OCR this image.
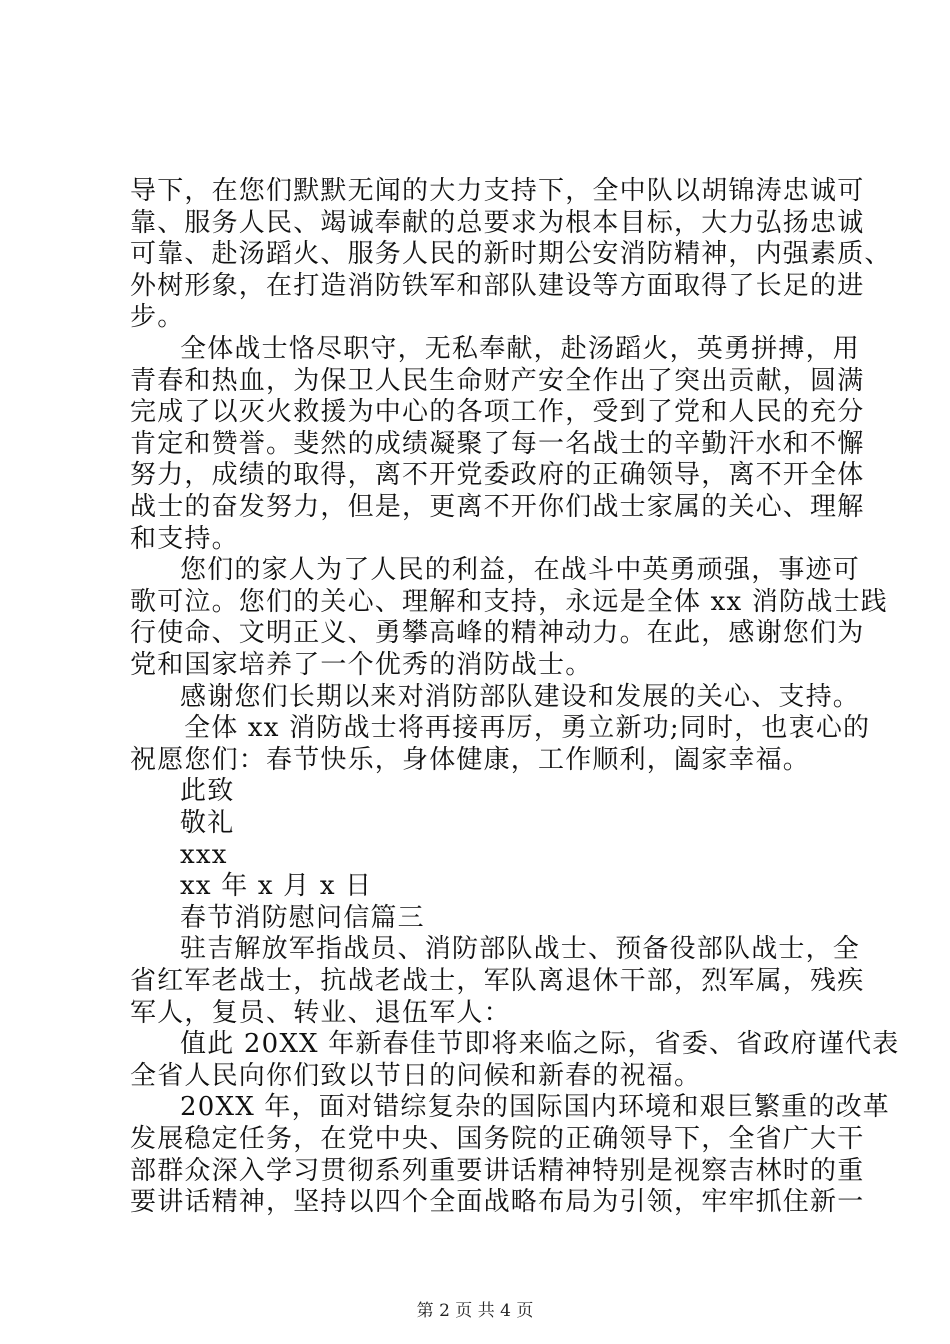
导下，在您们默默无闻的大力支持下，全中队以胡锦涛忠诚可
靠、服务人民、竭诚奉献的总要求为根本目标，大力弘扬忠诚
可靠、赴汤蹈火、服务人民的新时期公安消防精神，内强素质、
外树形象，在打造消防铁军和部队建设等方面取得了长足的进
步。
全体战士恪尽职守，无私奉献，赴汤蹈火，英勇拼搏，用
青春和热血，为保卫人民生命财产安全作出了突出贡献，圆满
完成了以灭火救援为中心的各项工作，受到了党和人民的充分
肯定和赞誉。斐然的成绩凝聚了每一名战士的辛勤汗水和不懈
努力，成绩的取得，离不开党委政府的正确领导，离不开全体
战士的奋发努力，但是，更离不开你们战士家属的关心、理解
和支持。
您们的家人为了人民的利益，在战斗中英勇顽强，事迹可
歌可泣。您们的关心、理解和支持，永远是全体 xx 消防战士践
行使命、文明正义、勇攀高峰的精神动力。在此，感谢您们为
党和国家培养了一个优秀的消防战士。
感谢您们长期以来对消防部队建设和发展的关心、支持。
全体 xx 消防战士将再接再厉，勇立新功;同时，也衷心的
祝愿您们：春节快乐，身体健康，工作顺利，阖家幸福。
此致
敬礼
xxx
xx 年 x 月 x 日
春节消防慰问信篇三
驻吉解放军指战员、消防部队战士、预备役部队战士，全
省红军老战士，抗战老战士，军队离退休干部，烈军属，残疾
军人，复员、转业、退伍军人：
值此 20XX 年新春佳节即将来临之际，省委、省政府谨代表
全省人民向你们致以节日的问候和新春的祝福。
20XX 年，面对错综复杂的国际国内环境和艰巨繁重的改革
发展稳定任务，在党中央、国务院的正确领导下，全省广大干
部群众深入学习贯彻系列重要讲话精神特别是视察吉林时的重
要讲话精神，坚持以四个全面战略布局为引领，牢牢抓住新一
第 2 页 共 4 页
